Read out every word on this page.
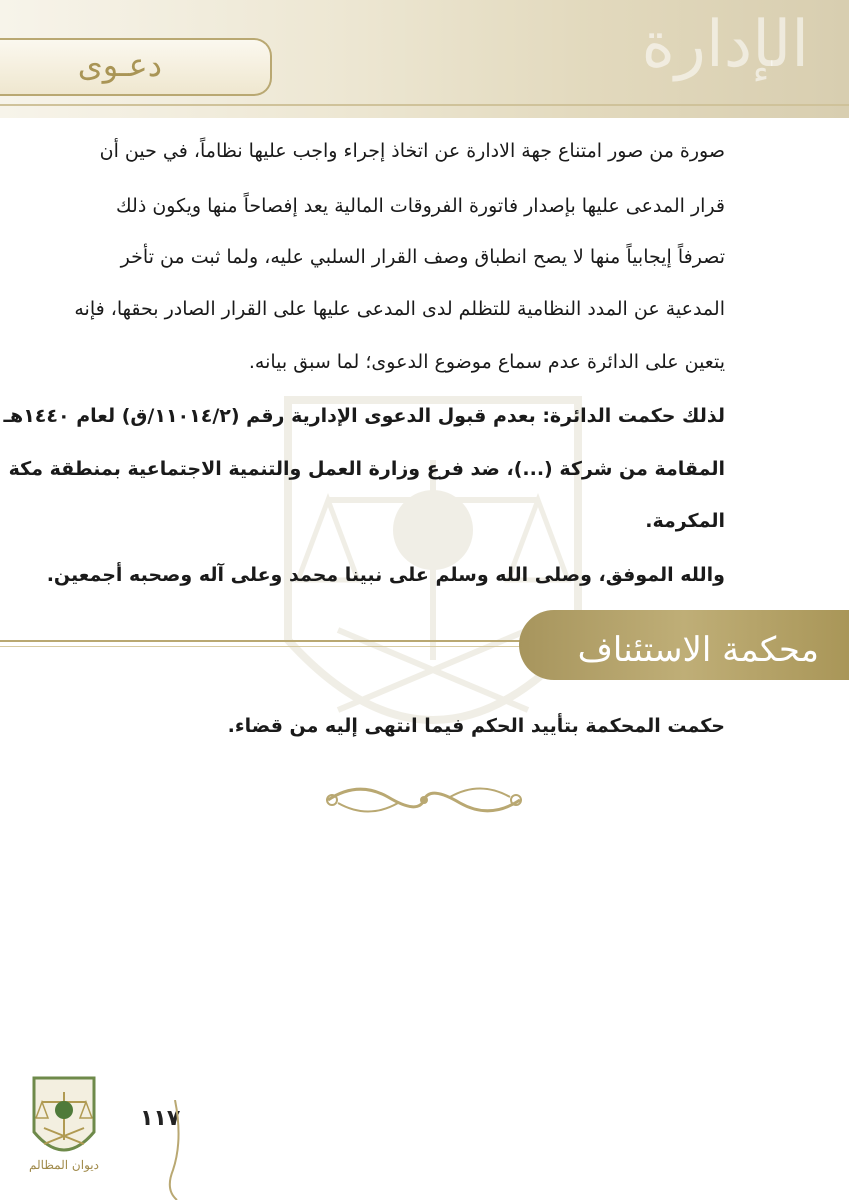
الإدارة
دعـوى
صورة من صور امتناع جهة الادارة عن اتخاذ إجراء واجب عليها نظاماً، في حين أن
قرار المدعى عليها بإصدار فاتورة الفروقات المالية يعد إفصاحاً منها ويكون ذلك
تصرفاً إيجابياً منها لا يصح انطباق وصف القرار السلبي عليه، ولما ثبت من تأخر
المدعية عن المدد النظامية للتظلم لدى المدعى عليها على القرار الصادر بحقها، فإنه
يتعين على الدائرة عدم سماع موضوع الدعوى؛ لما سبق بيانه.
لذلك حكمت الدائرة: بعدم قبول الدعوى الإدارية رقم (١١٠١٤/٢/ق) لعام ١٤٤٠هـ
المقامة من شركة (...)، ضد فرع وزارة العمل والتنمية الاجتماعية بمنطقة مكة
المكرمة.
والله الموفق، وصلى الله وسلم على نبينا محمد وعلى آله وصحبه أجمعين.
محكمة الاستئناف
حكمت المحكمة بتأييد الحكم فيما انتهى إليه من قضاء.
ديوان المظالم
١١٧
